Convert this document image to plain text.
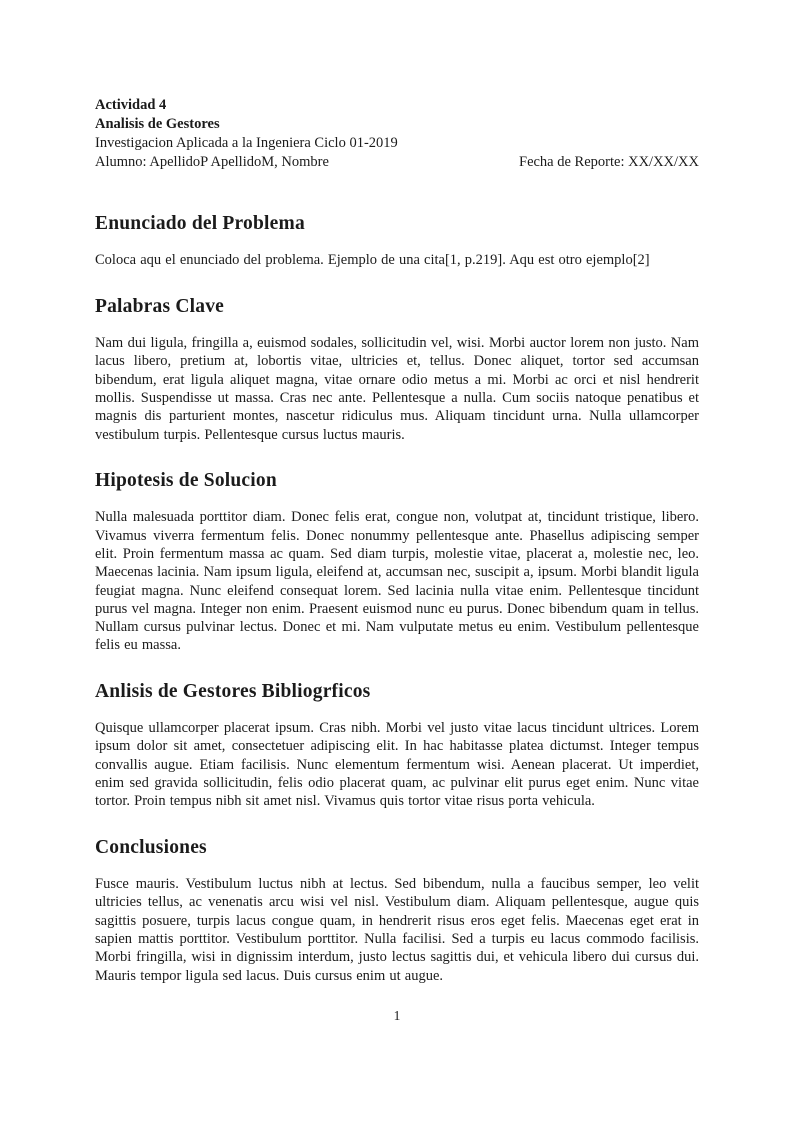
Actividad 4
Analisis de Gestores
Investigacion Aplicada a la Ingeniera Ciclo 01-2019
Alumno: ApellidoP ApellidoM, Nombre	Fecha de Reporte: XX/XX/XX
Enunciado del Problema

Coloca aqu el enunciado del problema. Ejemplo de una cita[1, p.219]. Aqu est otro ejemplo[2]

Palabras Clave

Nam dui ligula, fringilla a, euismod sodales, sollicitudin vel, wisi. Morbi auctor lorem non justo. Nam lacus libero, pretium at, lobortis vitae, ultricies et, tellus. Donec aliquet, tortor sed accumsan bibendum, erat ligula aliquet magna, vitae ornare odio metus a mi. Morbi ac orci et nisl hendrerit mollis. Suspendisse ut massa. Cras nec ante. Pellentesque a nulla. Cum sociis natoque penatibus et magnis dis parturient montes, nascetur ridiculus mus. Aliquam tincidunt urna. Nulla ullamcorper vestibulum turpis. Pellentesque cursus luctus mauris.

Hipotesis de Solucion

Nulla malesuada porttitor diam. Donec felis erat, congue non, volutpat at, tincidunt tristique, libero. Vivamus viverra fermentum felis. Donec nonummy pellentesque ante. Phasellus adipiscing semper elit. Proin fermentum massa ac quam. Sed diam turpis, molestie vitae, placerat a, molestie nec, leo. Maecenas lacinia. Nam ipsum ligula, eleifend at, accumsan nec, suscipit a, ipsum. Morbi blandit ligula feugiat magna. Nunc eleifend consequat lorem. Sed lacinia nulla vitae enim. Pellentesque tincidunt purus vel magna. Integer non enim. Praesent euismod nunc eu purus. Donec bibendum quam in tellus. Nullam cursus pulvinar lectus. Donec et mi. Nam vulputate metus eu enim. Vestibulum pellentesque felis eu massa.

Anlisis de Gestores Bibliogrficos

Quisque ullamcorper placerat ipsum. Cras nibh. Morbi vel justo vitae lacus tincidunt ultrices. Lorem ipsum dolor sit amet, consectetuer adipiscing elit. In hac habitasse platea dictumst. Integer tempus convallis augue. Etiam facilisis. Nunc elementum fermentum wisi. Aenean placerat. Ut imperdiet, enim sed gravida sollicitudin, felis odio placerat quam, ac pulvinar elit purus eget enim. Nunc vitae tortor. Proin tempus nibh sit amet nisl. Vivamus quis tortor vitae risus porta vehicula.

Conclusiones

Fusce mauris. Vestibulum luctus nibh at lectus. Sed bibendum, nulla a faucibus semper, leo velit ultricies tellus, ac venenatis arcu wisi vel nisl. Vestibulum diam. Aliquam pellentesque, augue quis sagittis posuere, turpis lacus congue quam, in hendrerit risus eros eget felis. Maecenas eget erat in sapien mattis porttitor. Vestibulum porttitor. Nulla facilisi. Sed a turpis eu lacus commodo facilisis. Morbi fringilla, wisi in dignissim interdum, justo lectus sagittis dui, et vehicula libero dui cursus dui. Mauris tempor ligula sed lacus. Duis cursus enim ut augue.

1
